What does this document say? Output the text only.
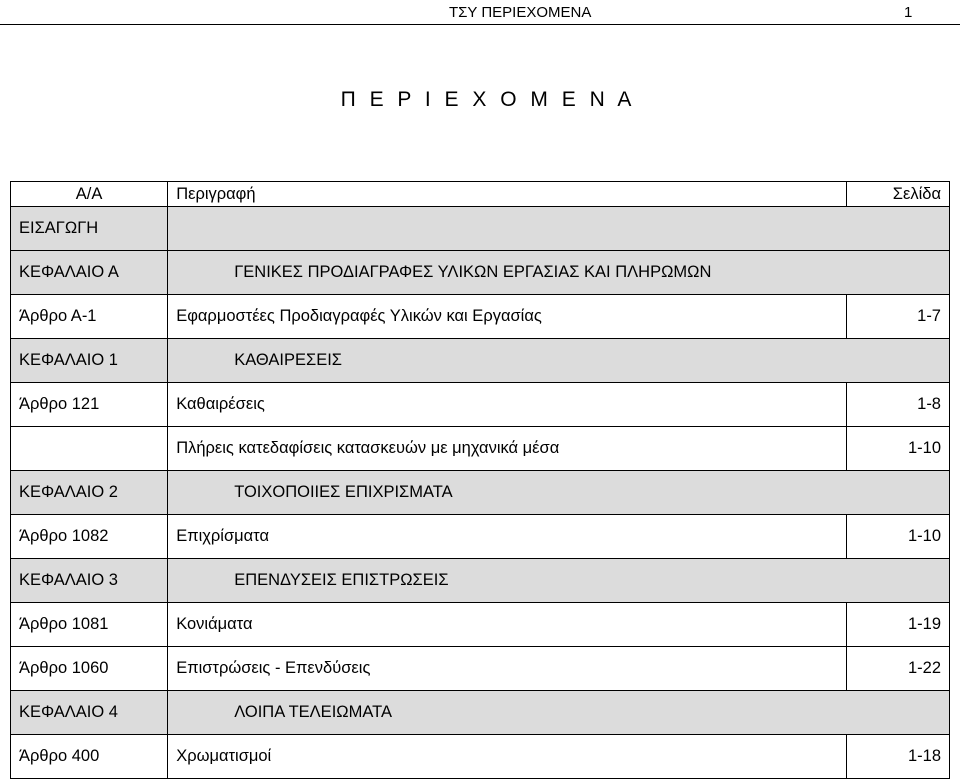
ΤΣΥ ΠΕΡΙΕΧΟΜΕΝΑ	1
Π Ε Ρ Ι Ε Χ Ο Μ Ε Ν Α
Α/Α	Περιγραφή	Σελίδα
ΕΙΣΑΓΩΓΗ		
ΚΕΦΑΛΑΙΟ Α	ΓΕΝΙΚΕΣ ΠΡΟΔΙΑΓΡΑΦΕΣ ΥΛΙΚΩΝ ΕΡΓΑΣΙΑΣ ΚΑΙ ΠΛΗΡΩΜΩΝ	
Άρθρο Α-1	Εφαρμοστέες Προδιαγραφές Υλικών και Εργασίας	1-7
ΚΕΦΑΛΑΙΟ 1	ΚΑΘΑΙΡΕΣΕΙΣ	
Άρθρο 121	Καθαιρέσεις	1-8
	Πλήρεις κατεδαφίσεις κατασκευών με μηχανικά μέσα	1-10
ΚΕΦΑΛΑΙΟ 2	ΤΟΙΧΟΠΟΙΙΕΣ ΕΠΙΧΡΙΣΜΑΤΑ	
Άρθρο 1082	Επιχρίσματα	1-10
ΚΕΦΑΛΑΙΟ 3	ΕΠΕΝΔΥΣΕΙΣ ΕΠΙΣΤΡΩΣΕΙΣ	
Άρθρο 1081	Κονιάματα	1-19
Άρθρο 1060	Επιστρώσεις - Επενδύσεις	1-22
ΚΕΦΑΛΑΙΟ 4	ΛΟΙΠΑ ΤΕΛΕΙΩΜΑΤΑ	
Άρθρο 400	Χρωματισμοί	1-18
